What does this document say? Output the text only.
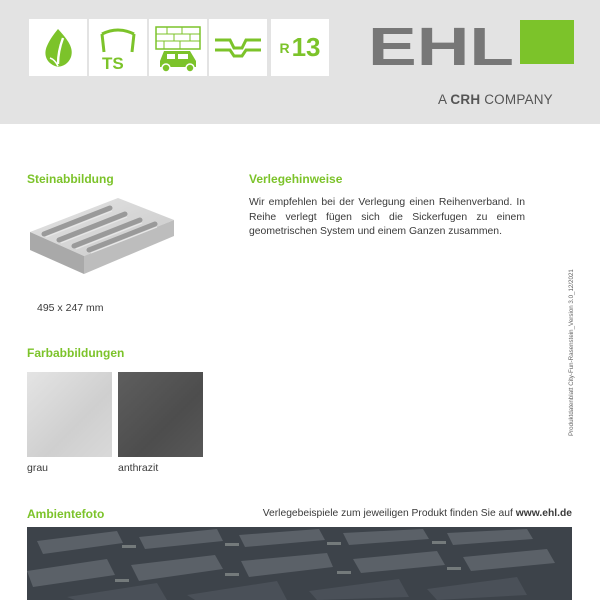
TS
R 13 EHL
A CRH COMPANY
Steinabbildung
495 x 247 mm
Verlegehinweise
Wir empfehlen bei der Verlegung einen Reihenverband. In Reihe verlegt fügen sich die Sickerfugen zu einem geometrischen System und einem Ganzen zusammen.
Farbabbildungen
grau	anthrazit
Produktdatenblatt City-Fun-Rasenstein_Version 3.0_12/2021
Ambientefoto	Verlegebeispiele zum jeweiligen Produkt finden Sie auf www.ehl.de
